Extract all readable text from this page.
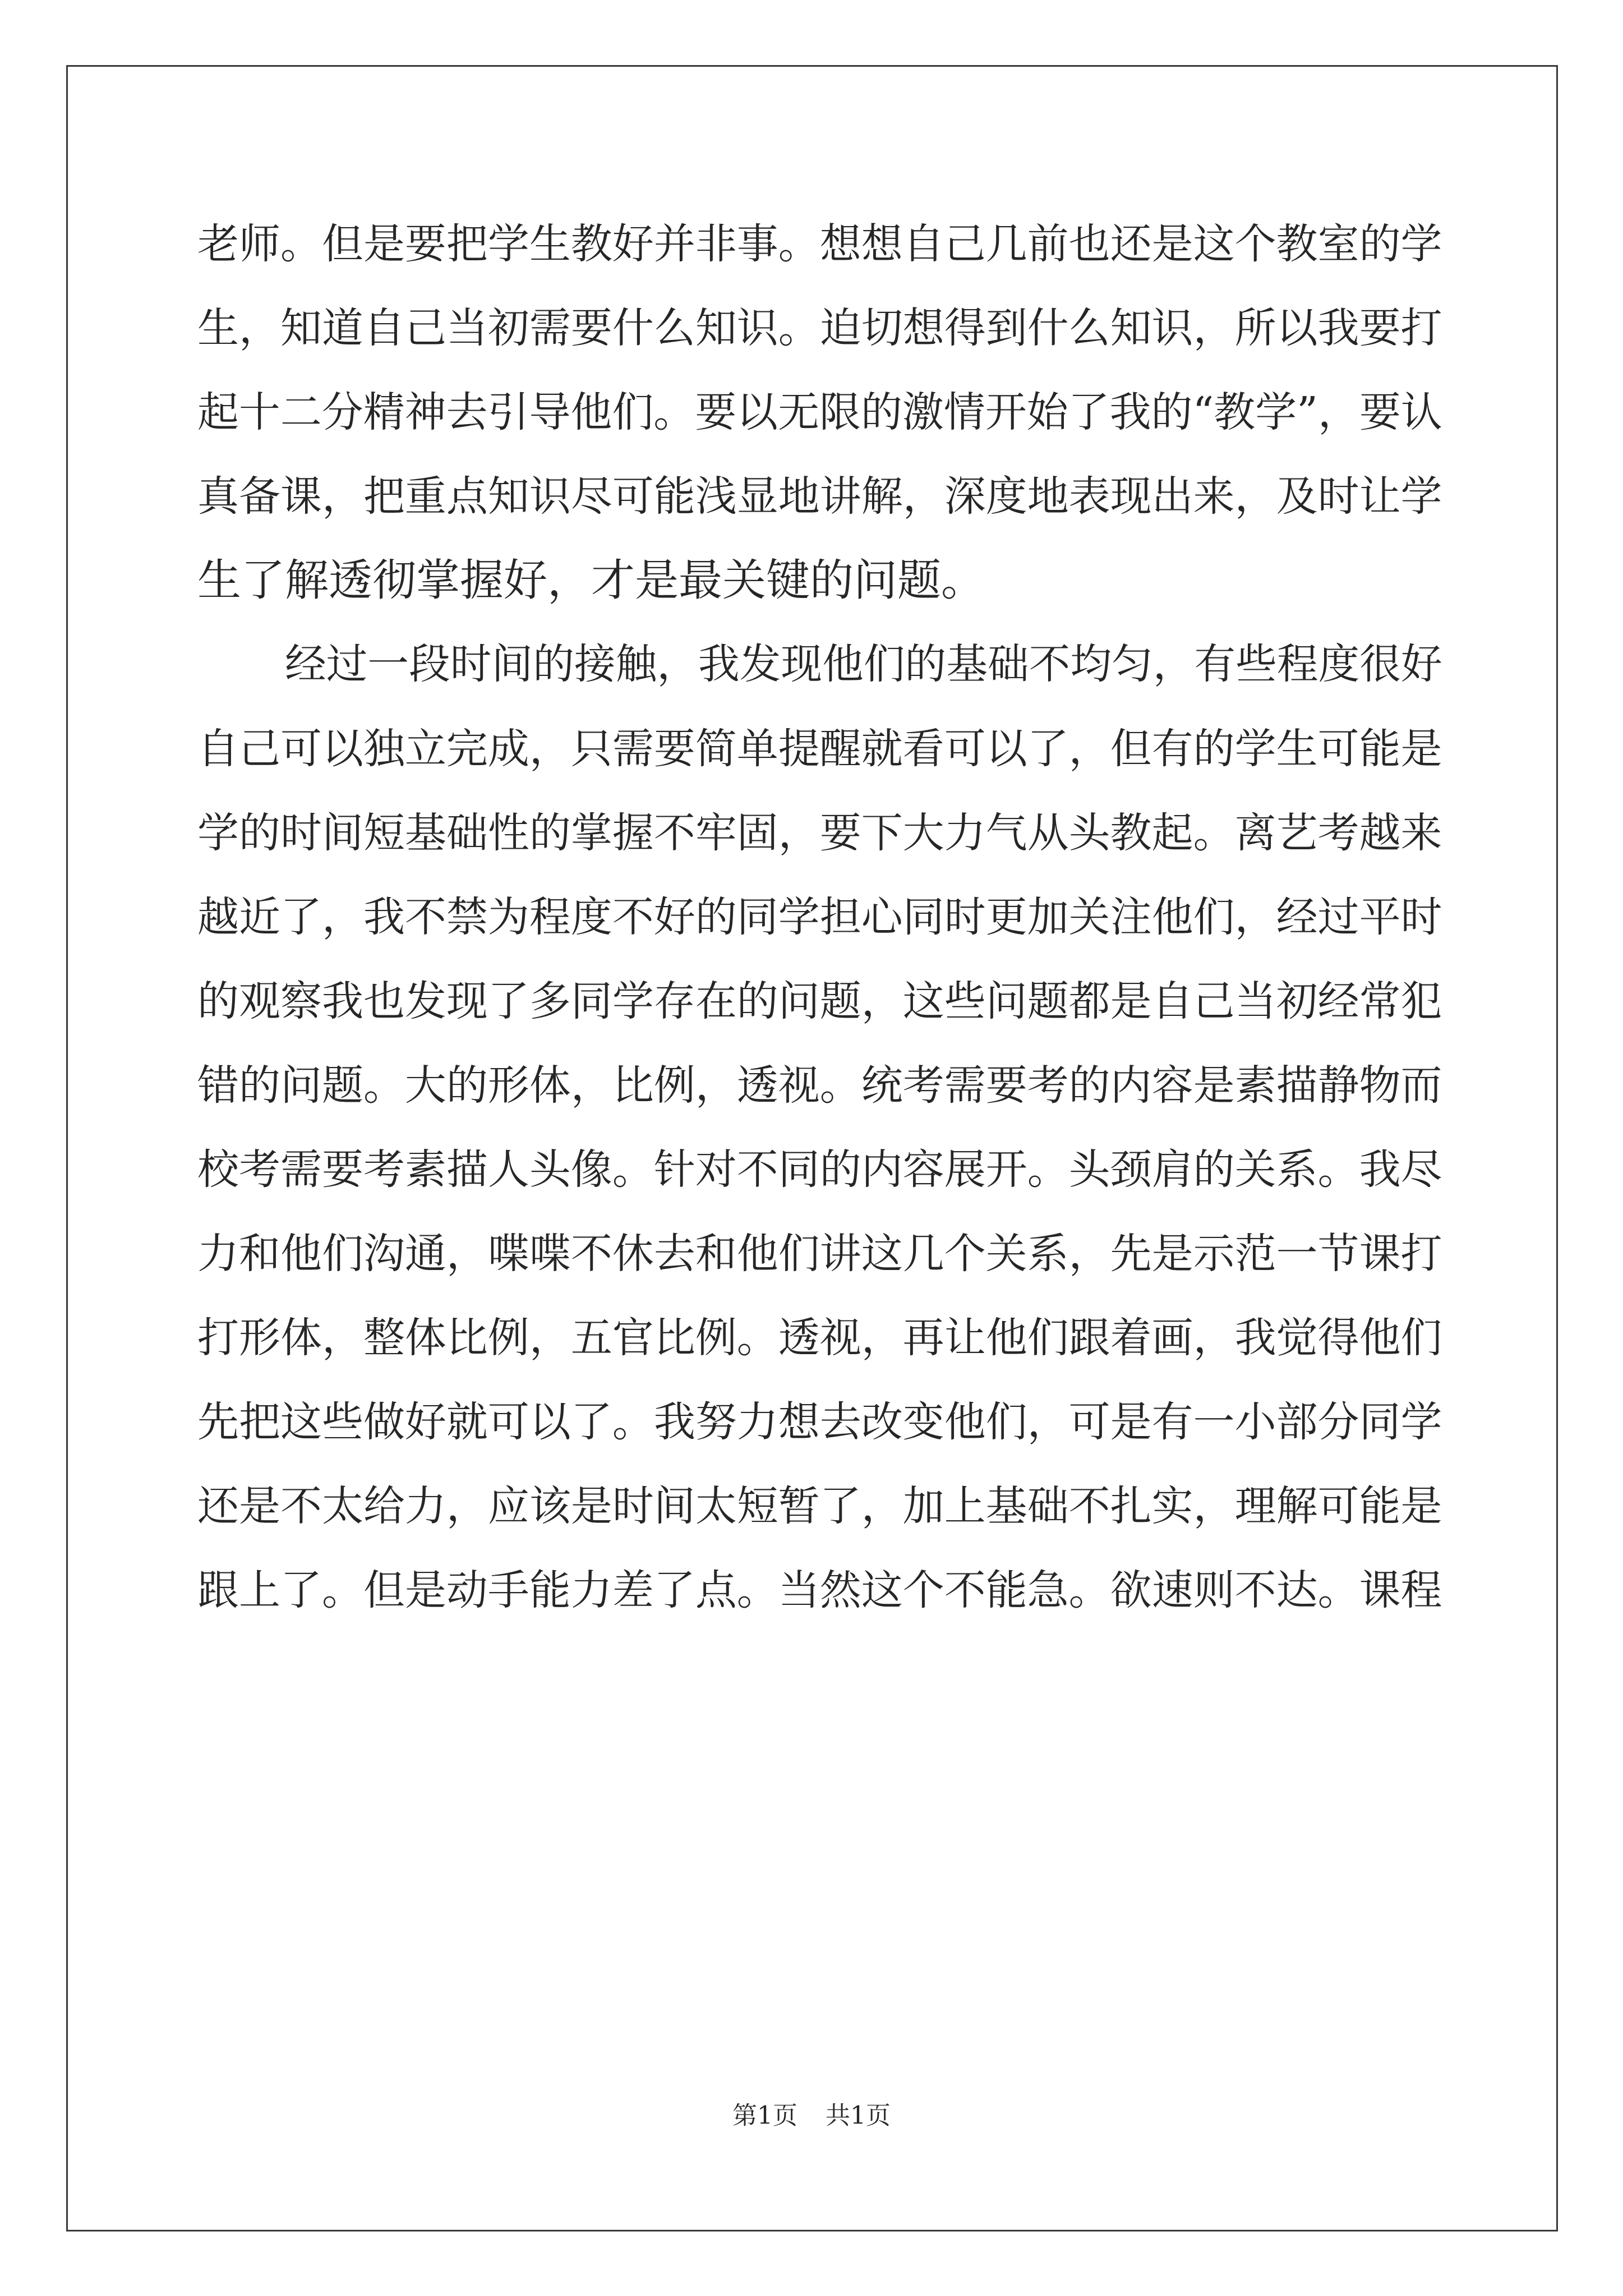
老师。但是要把学生教好并非事。想想自己几前也还是这个教室的学
生，知道自己当初需要什么知识。迫切想得到什么知识，所以我要打
起十二分精神去引导他们。要以无限的激情开始了我的“教学”，要认
真备课，把重点知识尽可能浅显地讲解，深度地表现出来，及时让学
生了解透彻掌握好，才是最关键的问题。
经过一段时间的接触，我发现他们的基础不均匀，有些程度很好
自己可以独立完成，只需要简单提醒就看可以了，但有的学生可能是
学的时间短基础性的掌握不牢固，要下大力气从头教起。离艺考越来
越近了，我不禁为程度不好的同学担心同时更加关注他们，经过平时
的观察我也发现了多同学存在的问题，这些问题都是自己当初经常犯
错的问题。大的形体，比例，透视。统考需要考的内容是素描静物而
校考需要考素描人头像。针对不同的内容展开。头颈肩的关系。我尽
力和他们沟通，喋喋不休去和他们讲这几个关系，先是示范一节课打
打形体，整体比例，五官比例。透视，再让他们跟着画，我觉得他们
先把这些做好就可以了。我努力想去改变他们，可是有一小部分同学
还是不太给力，应该是时间太短暂了，加上基础不扎实，理解可能是
跟上了。但是动手能力差了点。当然这个不能急。欲速则不达。课程
第1页 共1页
